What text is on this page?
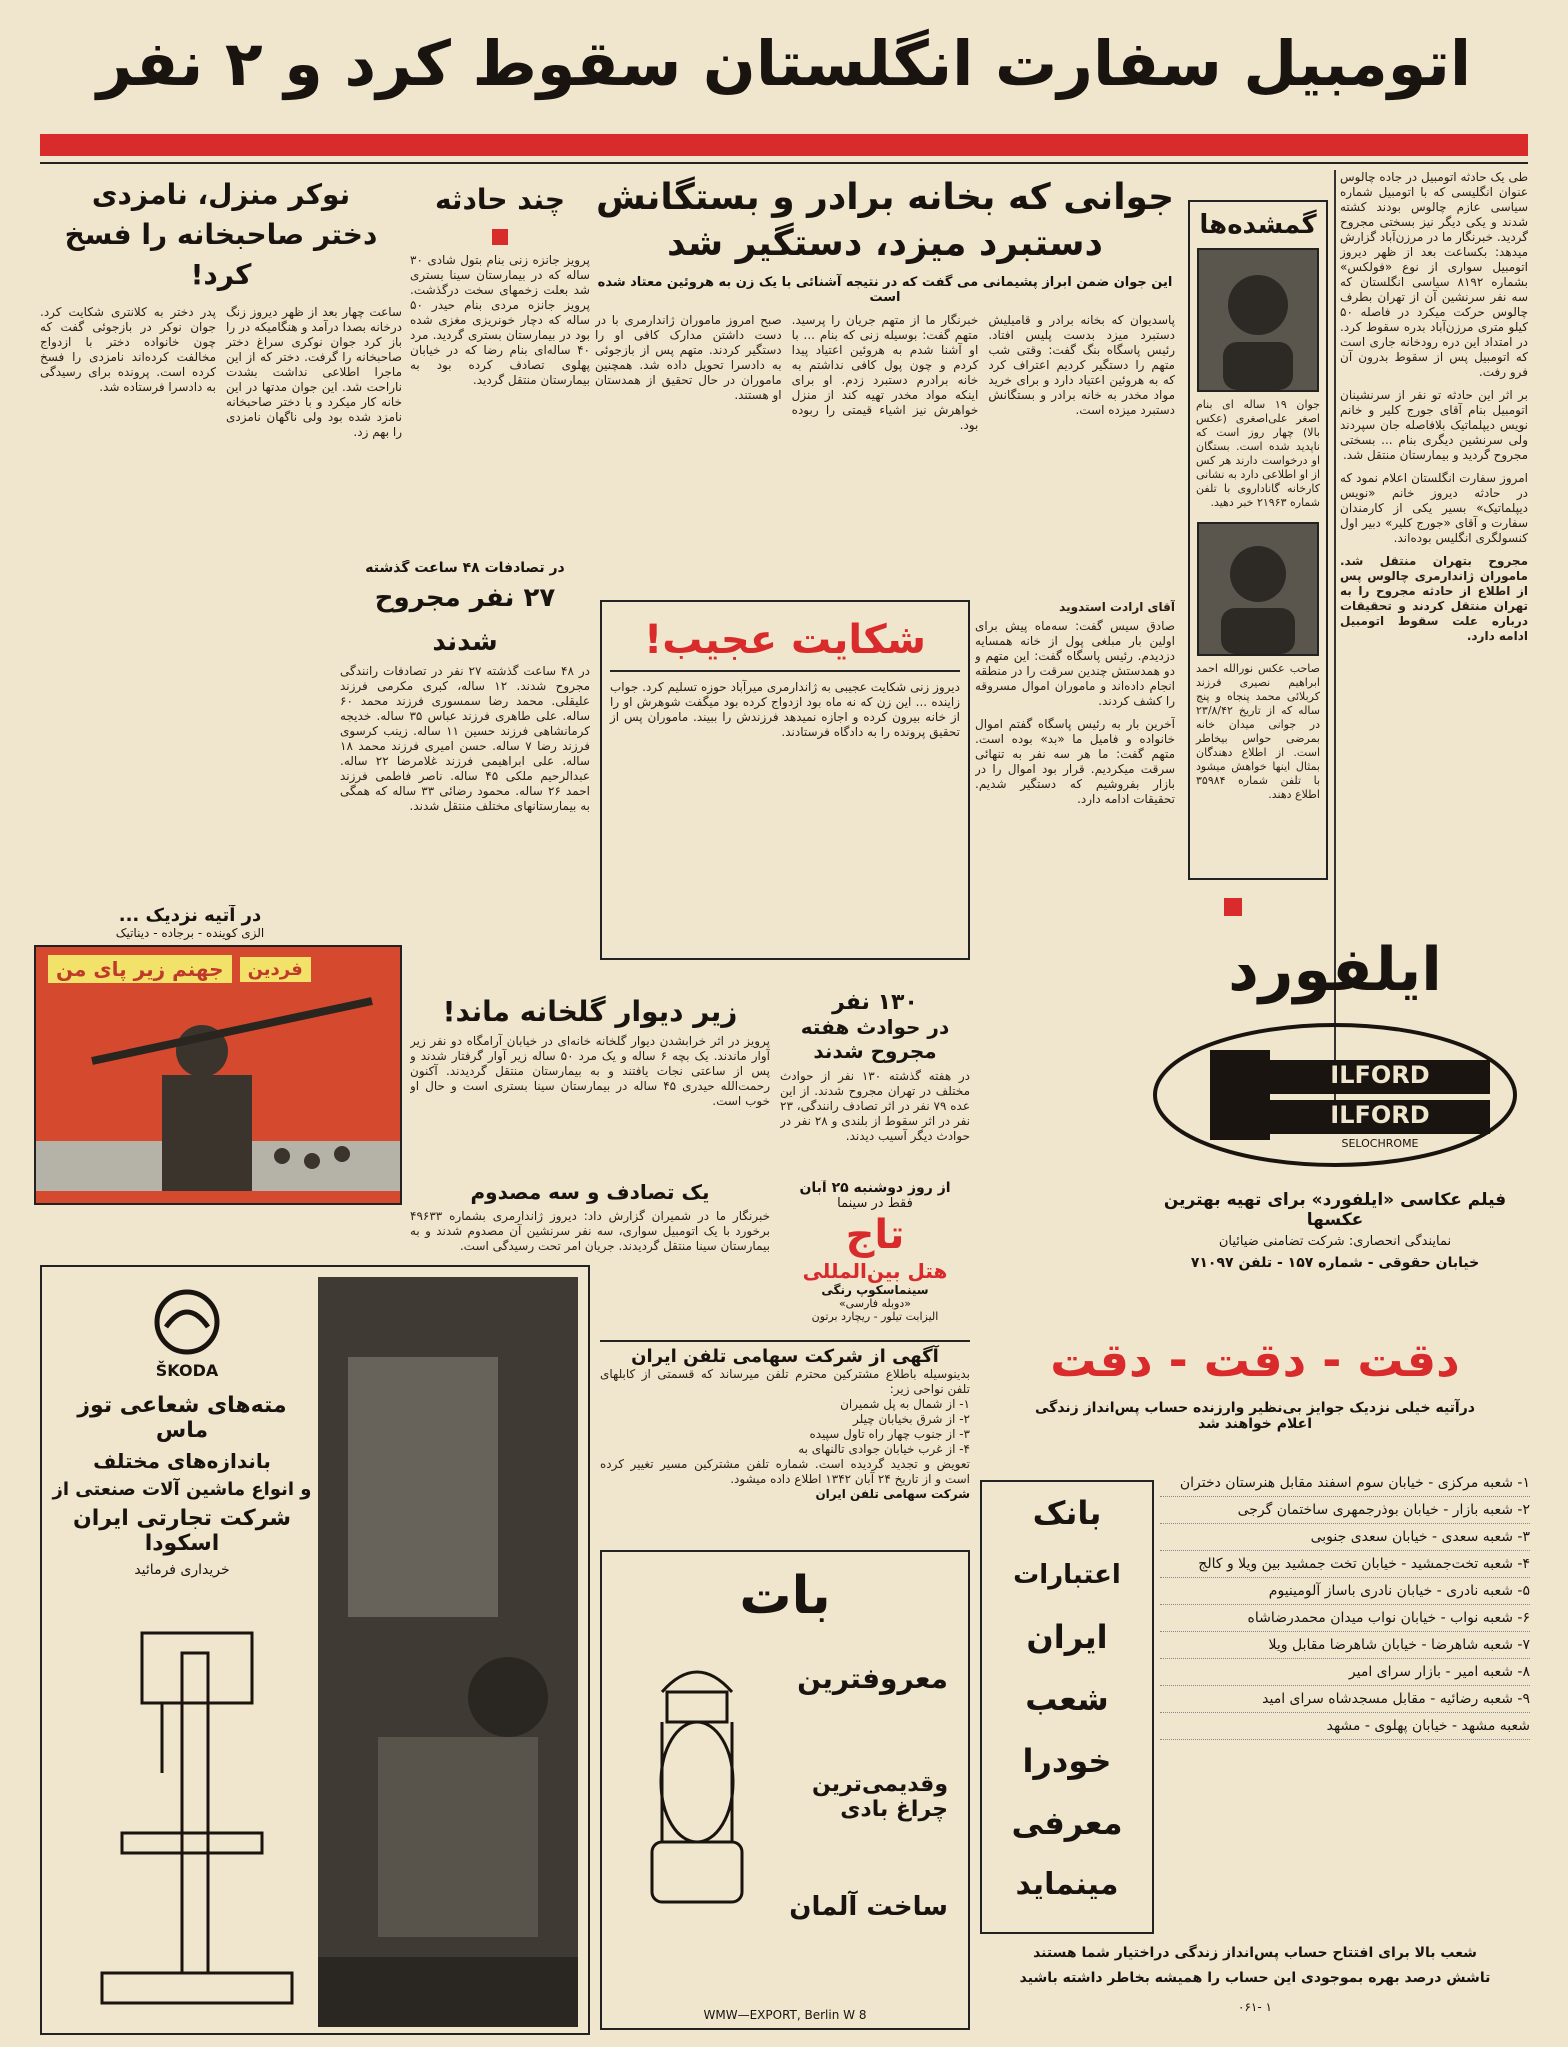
اتومبیل سفارت انگلستان سقوط کرد و ۲ نفر
طی یک حادثه اتومبیل در جاده چالوس عنوان انگلیسی که با اتومبیل شماره سیاسی عازم چالوس بودند کشته شدند و یکی دیگر نیز بسختی مجروح گردید. خبرنگار ما در مرزن‌آباد گزارش میدهد: بکساعت بعد از ظهر دیروز اتومبیل سواری از نوع «فولکس» بشماره ۸۱۹۲ سیاسی انگلستان که سه نفر سرنشین آن از تهران بطرف چالوس حرکت میکرد در فاصله ۵۰ کیلو متری مرزن‌آباد بدره سقوط کرد. در امتداد این دره رودخانه جاری است که اتومبیل پس از سقوط بدرون آن فرو رفت.
بر اثر این حادثه تو نفر از سرنشینان اتومبیل بنام آقای جورج کلیر و خانم نویس دیپلماتیک بلافاصله جان سپردند ولی سرنشین دیگری بنام ... بسختی مجروح گردید و بیمارستان منتقل شد.
امروز سفارت انگلستان اعلام نمود که در حادثه دیروز خانم «نویس دیپلماتیک» بسیر یکی از کارمندان سفارت و آقای «جورج کلیر» دبیر اول کنسولگری انگلیس بوده‌اند.
مجروح بتهران منتقل شد. ماموران ژاندارمری چالوس پس از اطلاع از حادثه مجروح را به تهران منتقل کردند و تحقیقات درباره علت سقوط اتومبیل ادامه دارد.
گمشده‌ها
جوان ۱۹ ساله ای بنام اصغر علی‌اصغری (عکس بالا) چهار روز است که ناپدید شده است. بستگان او درخواست دارند هر کس از او اطلاعی دارد به نشانی کارخانه گاناداروی با تلفن شماره ۲۱۹۶۳ خبر دهید.
صاحب عکس نورالله احمد ابراهیم نصیری فرزند کربلائی محمد پنجاه و پنج ساله که از تاریخ ۲۳/۸/۴۲ در جوانی میدان خانه بمرضی حواس بیخاطر است. از اطلاع دهندگان بمثال اینها خواهش میشود با تلفن شماره ۳۵۹۸۴ اطلاع دهند.
جوانی که بخانه برادر و بستگانش
دستبرد میزد، دستگیر شد
این جوان ضمن ابراز پشیمانی می گفت که در نتیجه آشنائی با یک زن به هروئین معتاد شده است
پاسدیوان که بخانه برادر و قامیلیش دستبرد میزد بدست پلیس افتاد. رئیس پاسگاه بنگ گفت: وقتی شب متهم را دستگیر کردیم اعتراف کرد که به هروئین اعتیاد دارد و برای خرید مواد مخدر به خانه برادر و بستگانش دستبرد میزده است.
خبرنگار ما از متهم جریان را پرسید. متهم گفت: بوسیله زنی که بنام ... با او آشنا شدم به هروئین اعتیاد پیدا کردم و چون پول کافی نداشتم به خانه برادرم دستبرد زدم. او برای اینکه مواد مخدر تهیه کند از منزل خواهرش نیز اشیاء قیمتی را ربوده بود.
صبح امروز ماموران ژاندارمری با در دست داشتن مدارک کافی او را دستگیر کردند. متهم پس از بازجوئی به دادسرا تحویل داده شد. همچنین ماموران در حال تحقیق از همدستان او هستند.
آقای ارادت استدوید
صادق سیس گفت: سه‌ماه پیش برای اولین بار مبلغی پول از خانه همسایه دزدیدم. رئیس پاسگاه گفت: این متهم و دو همدستش چندین سرقت را در منطقه انجام داده‌اند و ماموران اموال مسروقه را کشف کردند.
آخرین بار به رئیس پاسگاه گفتم اموال خانواده و فامیل ما «بد» بوده است. متهم گفت: ما هر سه نفر به تنهائی سرقت میکردیم. قرار بود اموال را در بازار بفروشیم که دستگیر شدیم. تحقیقات ادامه دارد.
شکایت عجیب!
دیروز زنی شکایت عجیبی به ژاندارمری میرآباد حوزه تسلیم کرد. جواب زاینده ... این زن که نه ماه بود ازدواج کرده بود میگفت شوهرش او را از خانه بیرون کرده و اجازه نمیدهد فرزندش را ببیند. ماموران پس از تحقیق پرونده را به دادگاه فرستادند.
چند حادثه
پرویز جانزه زنی بنام بتول شادی ۳۰ ساله که در بیمارستان سینا بستری شد بعلت زخمهای سخت درگذشت. پرویز جانزه مردی بنام حیدر ۵۰ ساله که دچار خونریزی مغزی شده بود در بیمارستان بستری گردید. مرد ۴۰ ساله‌ای بنام رضا که در خیابان پهلوی تصادف کرده بود به بیمارستان منتقل گردید.
نوکر منزل، نامزدی
دختر صاحبخانه را فسخ کرد!
ساعت چهار بعد از ظهر دیروز زنگ درخانه بصدا درآمد و هنگامیکه در را باز کرد جوان نوکری سراغ دختر صاحبخانه را گرفت. دختر که از این ماجرا اطلاعی نداشت بشدت ناراحت شد. این جوان مدتها در این خانه کار میکرد و با دختر صاحبخانه نامزد شده بود ولی ناگهان نامزدی را بهم زد.
پدر دختر به کلانتری شکایت کرد. جوان نوکر در بازجوئی گفت که چون خانواده دختر با ازدواج مخالفت کرده‌اند نامزدی را فسخ کرده است. پرونده برای رسیدگی به دادسرا فرستاده شد.
در تصادفات ۴۸ ساعت گذشته
۲۷ نفر مجروح شدند
در ۴۸ ساعت گذشته ۲۷ نفر در تصادفات رانندگی مجروح شدند. ۱۲ ساله، کبری مکرمی فرزند علیقلی. محمد رضا سمسوری فرزند محمد ۶۰ ساله. علی طاهری فرزند عباس ۳۵ ساله. خدیجه کرمانشاهی فرزند حسین ۱۱ ساله. زینب کرسوی فرزند رضا ۷ ساله. حسن امیری فرزند محمد ۱۸ ساله. علی ابراهیمی فرزند غلامرضا ۲۲ ساله. عبدالرحیم ملکی ۴۵ ساله. ناصر فاطمی فرزند احمد ۲۶ ساله. محمود رضائی ۳۳ ساله که همگی به بیمارستانهای مختلف منتقل شدند.
در آتیه نزدیک ...
الزی کوینده - برجاده - دیناتیک
فردین
جهنم زیر پای من
زیر دیوار گلخانه ماند!
پرویز در اثر خرابشدن دیوار گلخانه خانه‌ای در خیابان آرامگاه دو نفر زیر آوار ماندند. یک بچه ۶ ساله و یک مرد ۵۰ ساله زیر آوار گرفتار شدند و پس از ساعتی نجات یافتند و به بیمارستان منتقل گردیدند. آکنون رحمت‌الله حیدری ۴۵ ساله در بیمارستان سینا بستری است و حال او خوب است.
۱۳۰ نفر
در حوادث هفته
مجروح شدند
در هفته گذشته ۱۳۰ نفر از حوادث مختلف در تهران مجروح شدند. از این عده ۷۹ نفر در اثر تصادف رانندگی، ۲۳ نفر در اثر سقوط از بلندی و ۲۸ نفر در حوادث دیگر آسیب دیدند.
یک تصادف و سه مصدوم
خبرنگار ما در شمیران گزارش داد: دیروز ژاندارمری بشماره ۴۹۶۳۳ برخورد با یک اتومبیل سواری، سه نفر سرنشین آن مصدوم شدند و به بیمارستان سینا منتقل گردیدند. جریان امر تحت رسیدگی است.
از روز دوشنبه ۲۵ آبان
فقط در سینما
تاج
هتل بین‌المللی
سینماسکوپ رنگی
«دوبله فارسی»
الیزابت تیلور - ریچارد برتون
آگهی از شرکت سهامی تلفن ایران
بدینوسیله باطلاع مشترکین محترم تلفن میرساند که قسمتی از کابلهای تلفن نواحی زیر:
۱- از شمال به پل شمیران
۲- از شرق بخیابان چیلر
۳- از جنوب چهار راه تاول سپیده
۴- از غرب خیابان جوادی تالنهای به
تعویض و تجدید گردیده است. شماره تلفن مشترکین مسیر تغییر کرده است و از تاریخ ۲۴ آبان ۱۳۴۲ اطلاع داده میشود.
شرکت سهامی تلفن ایران
بات
معروفترین
وقدیمی‌ترین چراغ بادی
ساخت آلمان
WMW—EXPORT, Berlin W 8
ŠKODA
مته‌های شعاعی توز ماس
باندازه‌های مختلف
و انواع ماشین آلات صنعتی از
شرکت تجارتی ایران اسکودا
خریداری فرمائید
ایلفورد
ILFORD
ILFORD
SELOCHROME
فیلم عکاسی «ایلفورد» برای تهیه بهترین عکسها
نمایندگی انحصاری: شرکت تضامنی ضیائیان
خیابان حقوقی - شماره ۱۵۷ - تلفن ۷۱۰۹۷
دقت - دقت - دقت
درآتیه خیلی نزدیک جوایز بی‌نظیر وارزنده حساب پس‌انداز زندگی
اعلام خواهند شد
۱- شعبه مرکزی - خیابان سوم اسفند مقابل هنرستان دختران
۲- شعبه بازار - خیابان بوذرجمهری ساختمان گرجی
۳- شعبه سعدی - خیابان سعدی جنوبی
۴- شعبه تخت‌جمشید - خیابان تخت جمشید بین ویلا و کالج
۵- شعبه نادری - خیابان نادری باساز آلومینیوم
۶- شعبه نواب - خیابان نواب میدان محمدرضاشاه
۷- شعبه شاهرضا - خیابان شاهرضا مقابل ویلا
۸- شعبه امیر - بازار سرای امیر
۹- شعبه رضائیه - مقابل مسجدشاه سرای امید
شعبه مشهد - خیابان پهلوی - مشهد
بانک
اعتبارات
ایران
شعب
خودرا
معرفی
مینماید
شعب بالا برای افتتاح حساب پس‌انداز زندگی دراختیار شما هستند
تاشش درصد بهره بموجودی این حساب را همیشه بخاطر داشته باشید
۱ -۰۶۱
